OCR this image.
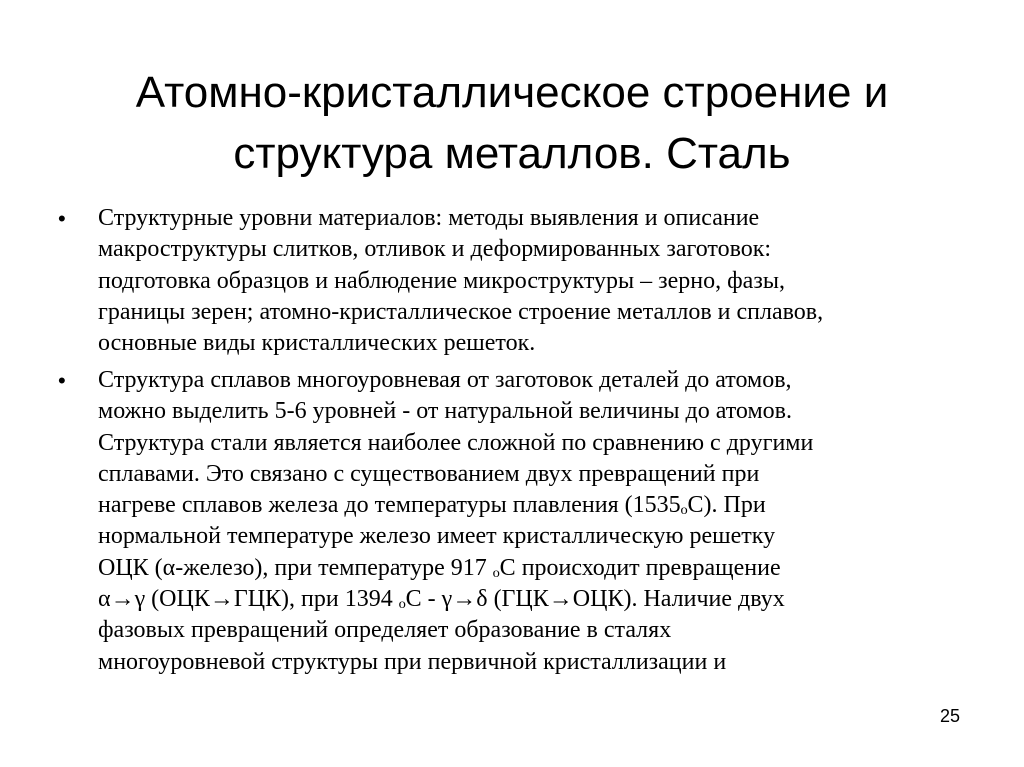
Атомно-кристаллическое строение и
структура металлов. Сталь
• Структурные уровни материалов: методы выявления и описание
макроструктуры слитков, отливок и деформированных заготовок:
подготовка образцов и наблюдение микроструктуры – зерно, фазы,
границы зерен; атомно-кристаллическое строение металлов и сплавов,
основные виды кристаллических решеток.
• Структура сплавов многоуровневая от заготовок деталей до атомов,
можно выделить 5-6 уровней - от натуральной величины до атомов.
Структура стали является наиболее сложной по сравнению с другими
сплавами. Это связано с существованием двух превращений при
нагреве сплавов железа до температуры плавления (1535ₒС). При
нормальной температуре железо имеет кристаллическую решетку
ОЦК (α-железо), при температуре 917 ₒС происходит превращение
α→γ (ОЦК→ГЦК), при 1394 ₒС - γ→δ (ГЦК→ОЦК). Наличие двух
фазовых превращений определяет образование в сталях
многоуровневой структуры при первичной кристаллизации и
25
